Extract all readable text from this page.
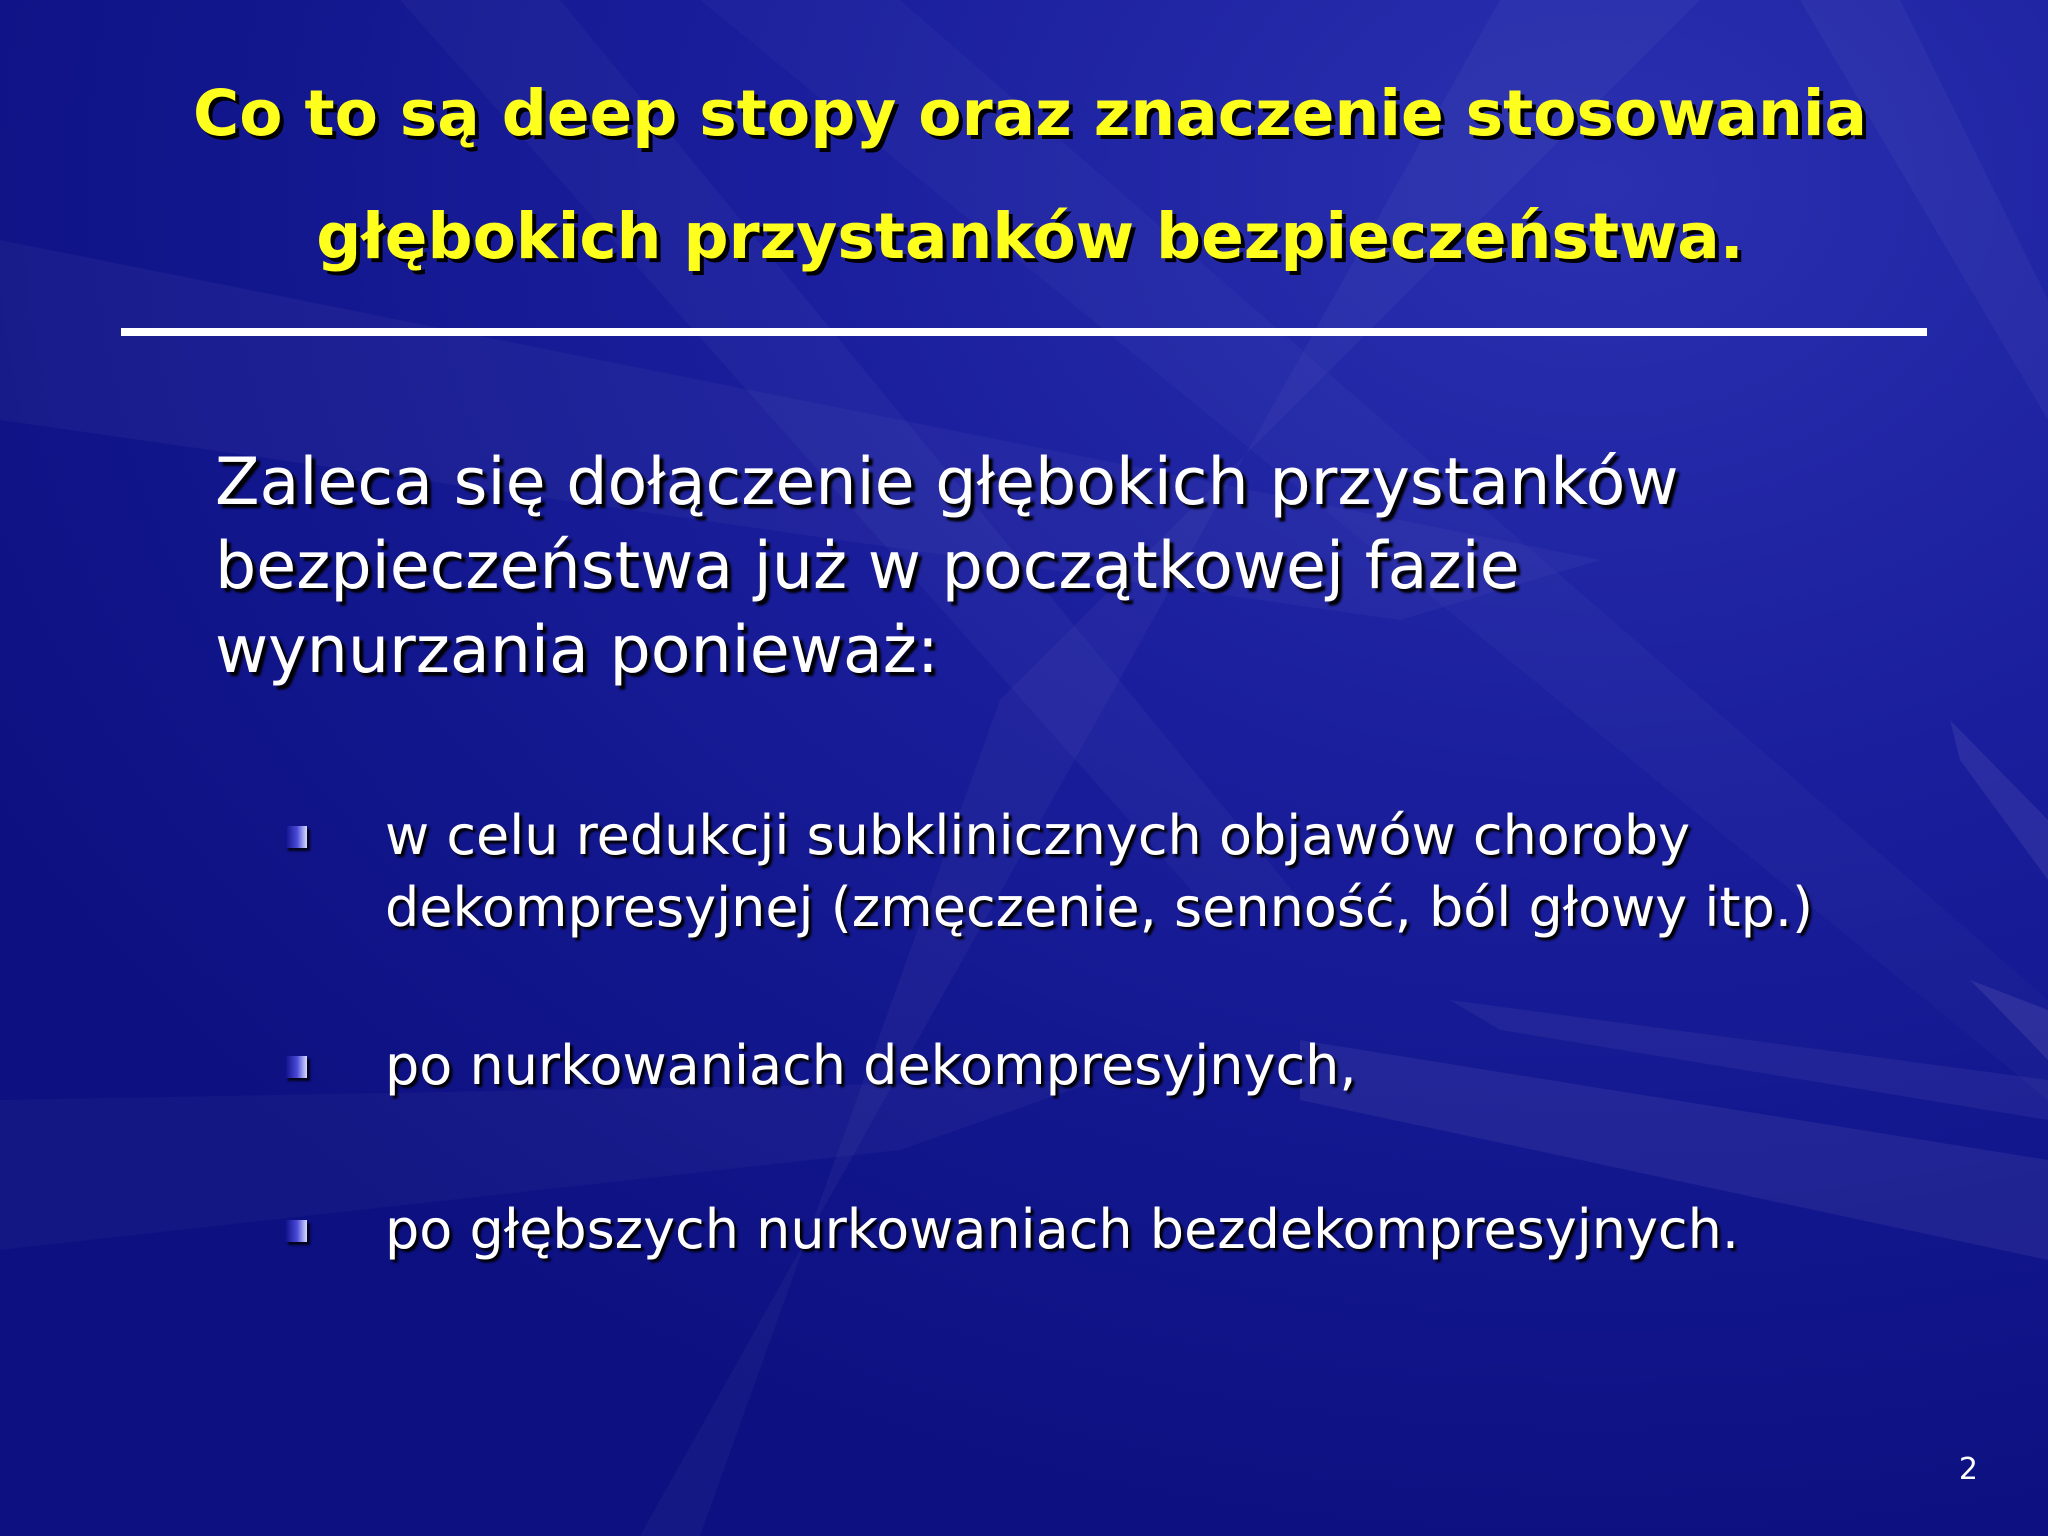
Co to są deep stopy oraz znaczenie stosowania
głębokich przystanków bezpieczeństwa.

Zaleca się dołączenie głębokich przystanków
bezpieczeństwa już w początkowej fazie
wynurzania ponieważ:

w celu redukcji subklinicznych objawów choroby
dekompresyjnej (zmęczenie, senność, ból głowy itp.)
po nurkowaniach dekompresyjnych,
po głębszych nurkowaniach bezdekompresyjnych.
2
